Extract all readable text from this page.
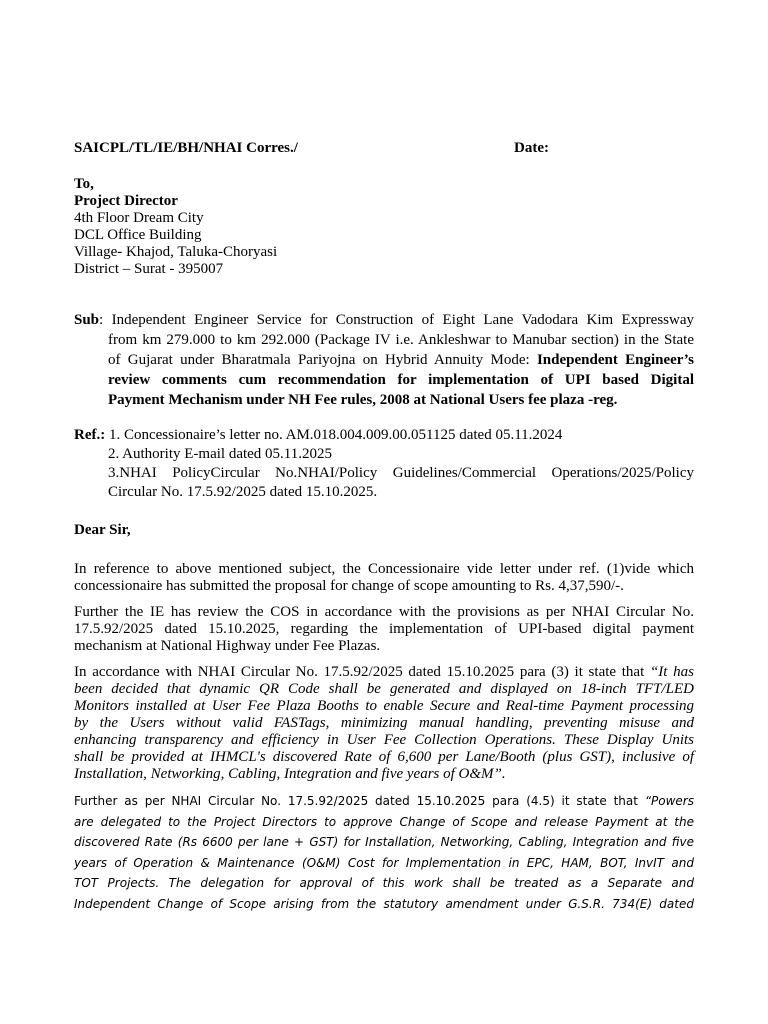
SAICPL/TL/IE/BH/NHAI Corres./	Date:
To,
Project Director
4th Floor Dream City
DCL Office Building
Village- Khajod, Taluka-Choryasi
District – Surat - 395007
Sub: Independent Engineer Service for Construction of Eight Lane Vadodara Kim Expressway
from km 279.000 to km 292.000 (Package IV i.e. Ankleshwar to Manubar section) in the State
of Gujarat under Bharatmala Pariyojna on Hybrid Annuity Mode: Independent Engineer’s
review comments cum recommendation for implementation of UPI based Digital
Payment Mechanism under NH Fee rules, 2008 at National Users fee plaza -reg.
Ref.: 1. Concessionaire’s letter no. AM.018.004.009.00.051125 dated 05.11.2024
2. Authority E-mail dated 05.11.2025
3.NHAI PolicyCircular No.NHAI/Policy Guidelines/Commercial Operations/2025/Policy
Circular No. 17.5.92/2025 dated 15.10.2025.
Dear Sir,
In reference to above mentioned subject, the Concessionaire vide letter under ref. (1)vide which
concessionaire has submitted the proposal for change of scope amounting to Rs. 4,37,590/-.
Further the IE has review the COS in accordance with the provisions as per NHAI Circular No.
17.5.92/2025 dated 15.10.2025, regarding the implementation of UPI-based digital payment
mechanism at National Highway under Fee Plazas.
In accordance with NHAI Circular No. 17.5.92/2025 dated 15.10.2025 para (3) it state that “It has
been decided that dynamic QR Code shall be generated and displayed on 18-inch TFT/LED
Monitors installed at User Fee Plaza Booths to enable Secure and Real-time Payment processing
by the Users without valid FASTags, minimizing manual handling, preventing misuse and
enhancing transparency and efficiency in User Fee Collection Operations. These Display Units
shall be provided at IHMCL's discovered Rate of 6,600 per Lane/Booth (plus GST), inclusive of
Installation, Networking, Cabling, Integration and five years of O&M”.
Further as per NHAI Circular No. 17.5.92/2025 dated 15.10.2025 para (4.5) it state that “Powers
are delegated to the Project Directors to approve Change of Scope and release Payment at the
discovered Rate (Rs 6600 per lane + GST) for Installation, Networking, Cabling, Integration and five
years of Operation & Maintenance (O&M) Cost for Implementation in EPC, HAM, BOT, InvIT and
TOT Projects. The delegation for approval of this work shall be treated as a Separate and
Independent Change of Scope arising from the statutory amendment under G.S.R. 734(E) dated
